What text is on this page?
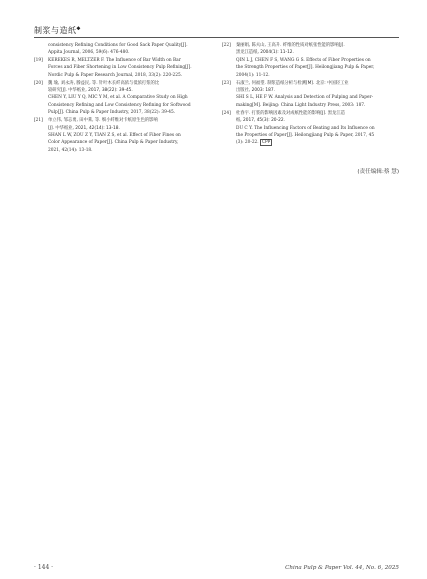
制浆与造纸◆
consistency Refining Conditions for Good Sack Paper Quality[J].
Appita Journal, 2006, 59(6): 476-480.
[19] KEREKES R, MELTZER F. The Influence of Bar Width on Bar
Forces and Fiber Shortening in Low Consistency Pulp Refining[J].
Nordic Pulp & Paper Research Journal, 2018, 33(2): 220-225.
[20] 魏 瑜, 刘永涛, 滕益民, 等. 针叶木长纤高浓与低浓打浆的比
较研究[J]. 中华纸业, 2017, 38(22): 39-45.
CHEN Y, LIU Y Q, MIC Y M, et al. A Comparative Study on High
Consistency Refining and Low Consistency Refining for Softwood
Pulp[J]. China Pulp & Paper Industry, 2017, 38(22): 39-45.
[21] 单立伟, 邹志勇, 田中莱, 等. 细小纤维对卡纸原生色的影响
[J]. 中华纸业, 2021, 42(14): 13-18.
SHAN L W, ZOU Z Y, TIAN Z S, et al. Effect of Fiber Fines on
Color Appearance of Paper[J]. China Pulp & Paper Industry,
2021, 42(14): 13-18.
[22] 秦丽娟, 陈夫山, 王高升. 纤维的性质对纸张性能的影响[J].
黑龙江造纸, 2004(1): 11-12.
QIN L J, CHEN F S, WANG G S. Effects of Fiber Properties on
the Strength Properties of Paper[J]. Heilongjiang Pulp & Paper,
2004(1): 11-12.
[23] 石淑兰, 何福望. 制浆造纸分析与检测[M]. 北京: 中国轻工业
出版社, 2003: 187.
SHI S L, HE F W. Analysis and Detection of Pulping and Paper-
making[M]. Beijing: China Light Industry Press, 2003: 187.
[24] 杜春宇. 打浆的影响因素及对成纸性能的影响[J]. 黑龙江造
纸, 2017, 45(3): 20-22.
DU C Y. The Influencing Factors of Beating and Its Influence on
the Properties of Paper[J]. Heilongjiang Pulp & Paper, 2017, 45
(3): 20-22. CPP
(责任编辑:蔡 慧)
· 144 ·	China Pulp & Paper Vol. 44, No. 6, 2025
